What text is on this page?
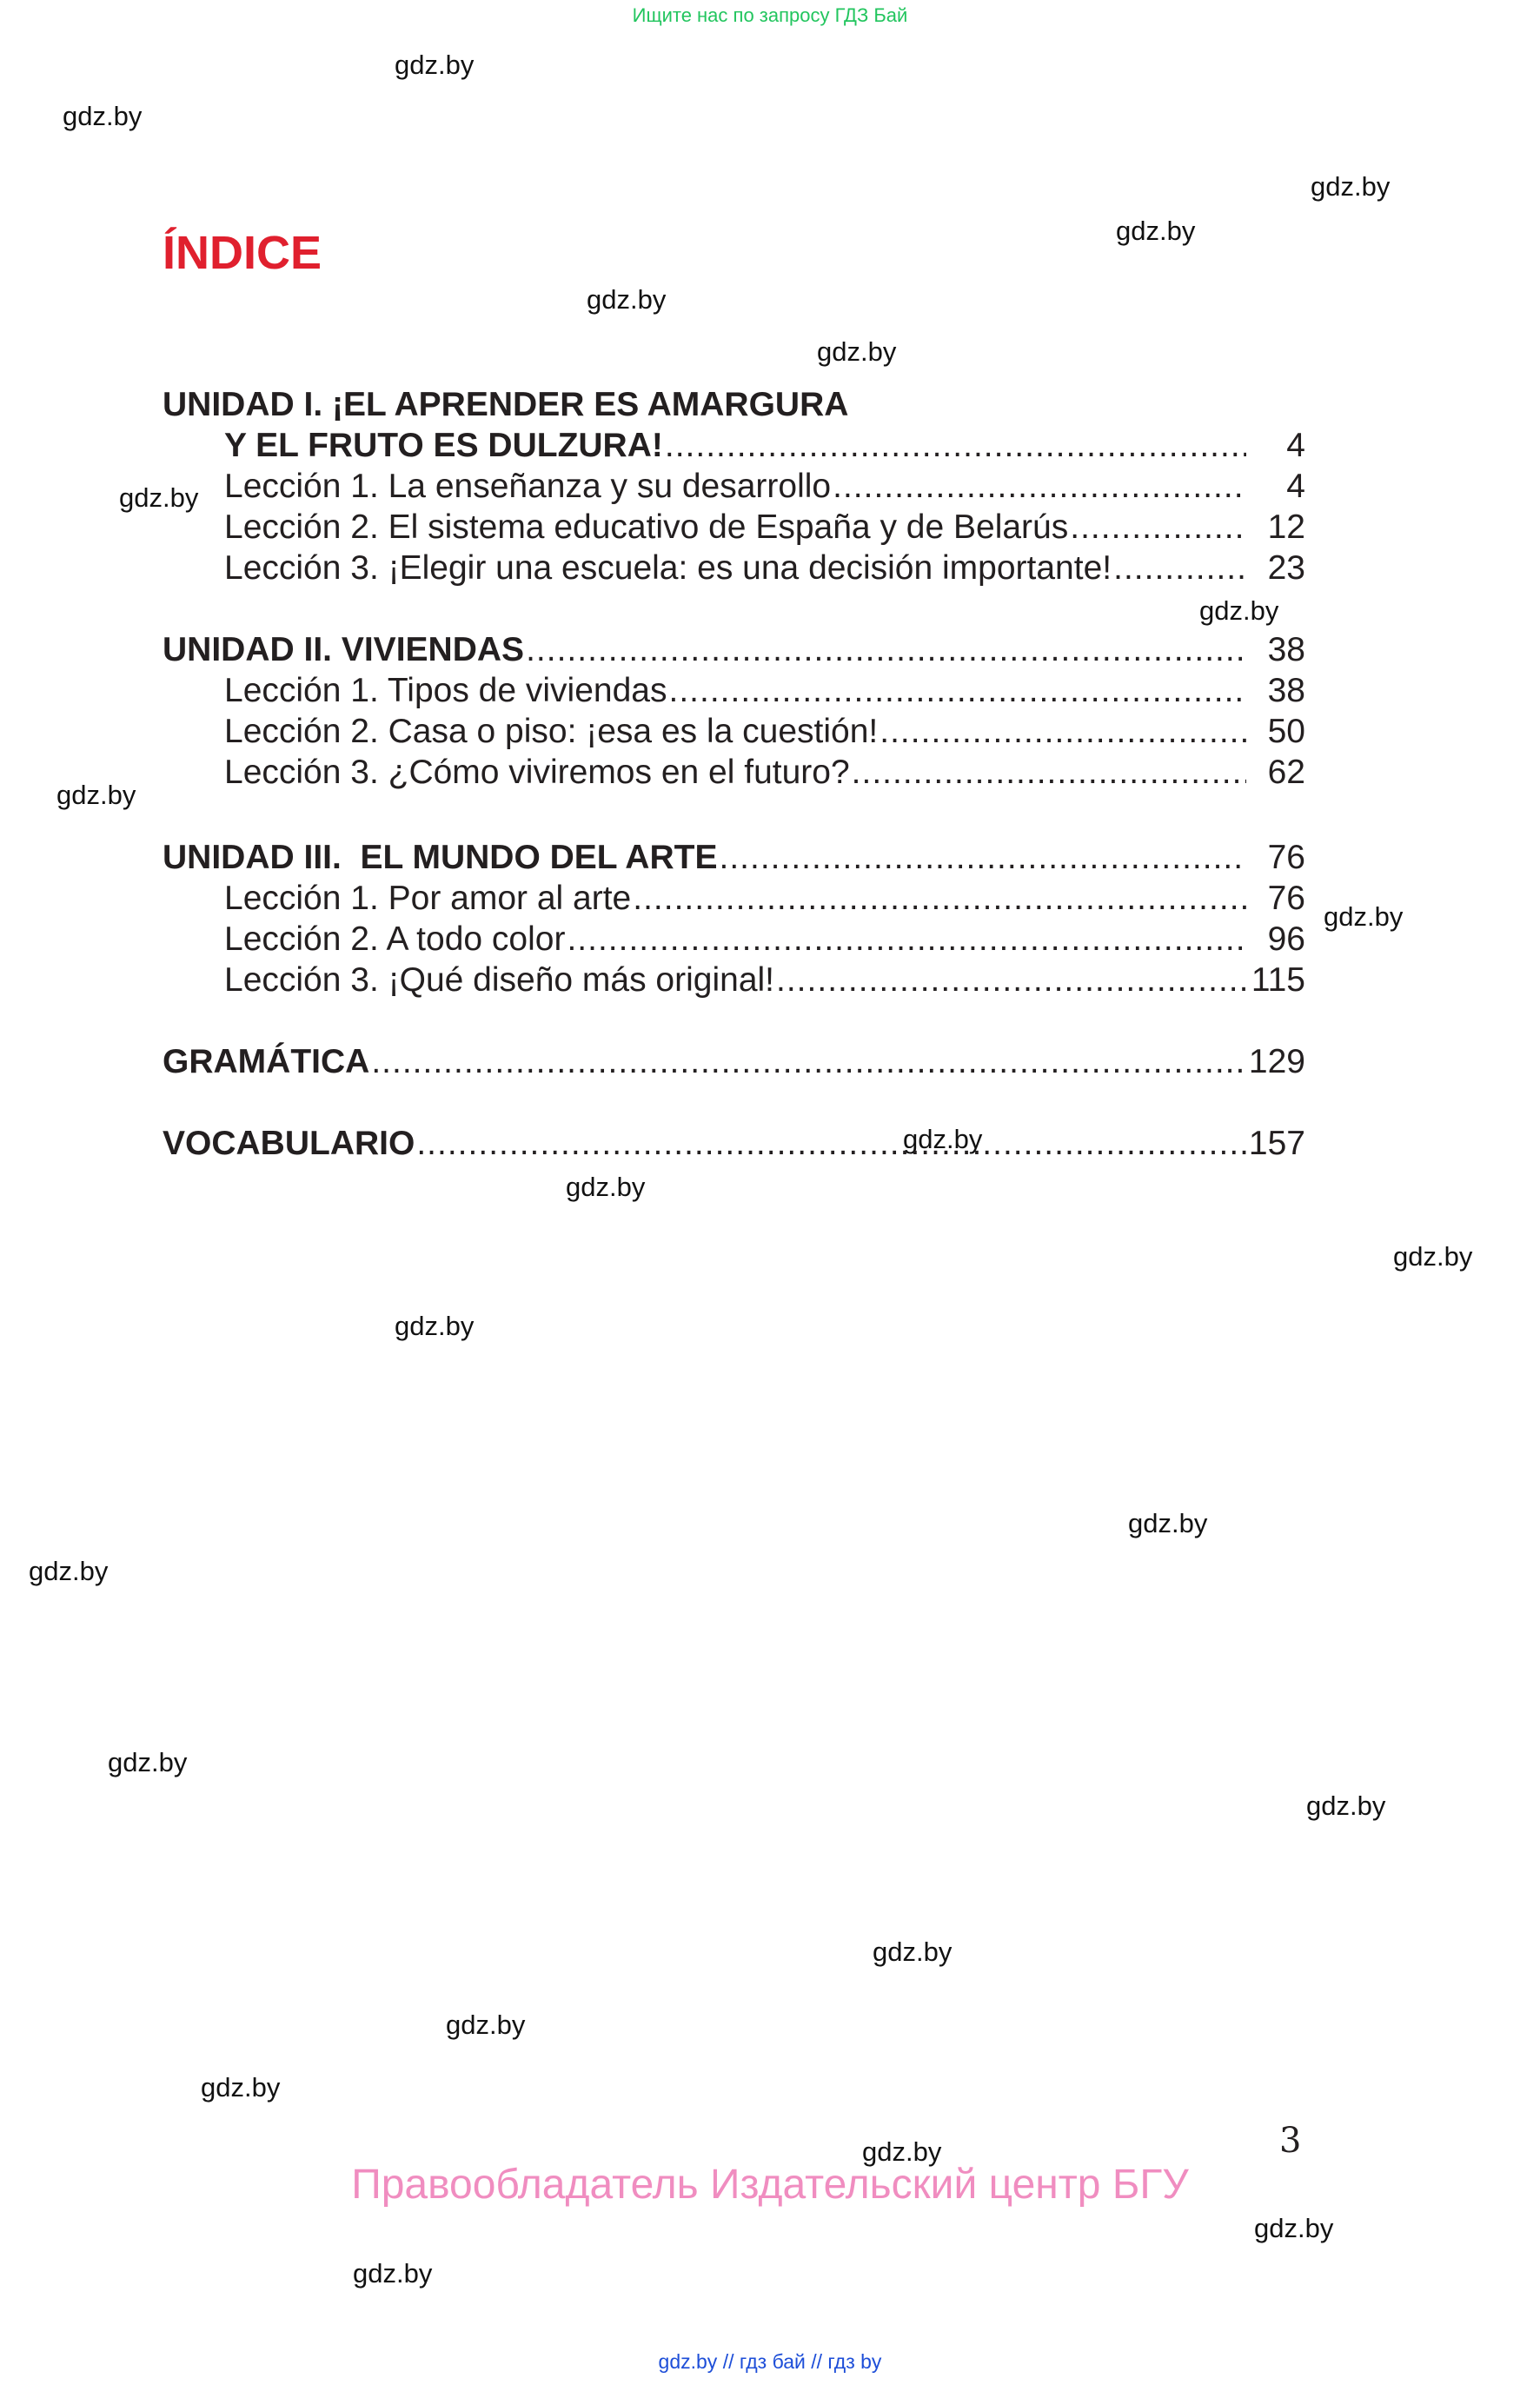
Ищите нас по запросу ГДЗ Бай
gdz.by
gdz.by
gdz.by
gdz.by
gdz.by
gdz.by
gdz.by
gdz.by
gdz.by
gdz.by
gdz.by
gdz.by
gdz.by
gdz.by
gdz.by
gdz.by
gdz.by
gdz.by
gdz.by
gdz.by
gdz.by
gdz.by
gdz.by
gdz.by
ÍNDICE
UNIDAD I. ¡EL APRENDER ES AMARGURA
Y EL FRUTO ES DULZURA! .....	4
Lección 1. La enseñanza y su desarrollo .....	4
Lección 2. El sistema educativo de España y de Belarús .....	12
Lección 3. ¡Elegir una escuela: es una decisión importante! .....	23
UNIDAD II. VIVIENDAS .....	38
Lección 1. Tipos de viviendas .....	38
Lección 2. Casa o piso: ¡esa es la cuestión! .....	50
Lección 3. ¿Cómo viviremos en el futuro? .....	62
UNIDAD III.  EL MUNDO DEL ARTE .....	76
Lección 1. Por amor al arte .....	76
Lección 2. A todo color .....	96
Lección 3. ¡Qué diseño más original! .....	115
GRAMÁTICA .....	129
VOCABULARIO .....	157
3
Правообладатель Издательский центр БГУ
gdz.by // гдз бай // гдз by
